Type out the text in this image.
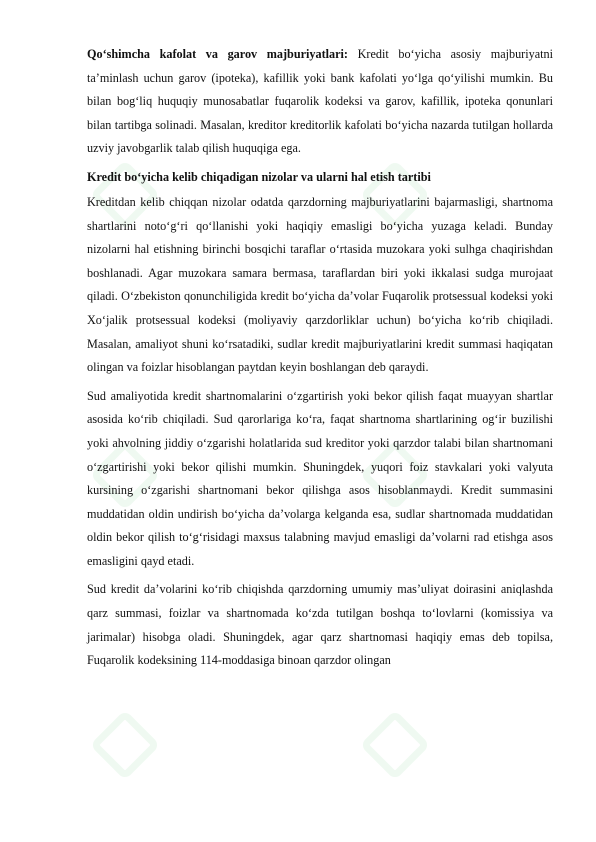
Qo‘shimcha kafolat va garov majburiyatlari: Kredit bo‘yicha asosiy majburiyatni ta’minlash uchun garov (ipoteka), kafillik yoki bank kafolati yo‘lga qo‘yilishi mumkin. Bu bilan bog‘liq huquqiy munosabatlar fuqarolik kodeksi va garov, kafillik, ipoteka qonunlari bilan tartibga solinadi. Masalan, kreditor kreditorlik kafolati bo‘yicha nazarda tutilgan hollarda uzviy javobgarlik talab qilish huquqiga ega.

Kredit bo‘yicha kelib chiqadigan nizolar va ularni hal etish tartibi

Kreditdan kelib chiqqan nizolar odatda qarzdorning majburiyatlarini bajarmasligi, shartnoma shartlarini noto‘g‘ri qo‘llanishi yoki haqiqiy emasligi bo‘yicha yuzaga keladi. Bunday nizolarni hal etishning birinchi bosqichi taraflar o‘rtasida muzokara yoki sulhga chaqirishdan boshlanadi. Agar muzokara samara bermasa, taraflardan biri yoki ikkalasi sudga murojaat qiladi. O‘zbekiston qonunchiligida kredit bo‘yicha da’volar Fuqarolik protsessual kodeksi yoki Xo‘jalik protsessual kodeksi (moliyaviy qarzdorliklar uchun) bo‘yicha ko‘rib chiqiladi. Masalan, amaliyot shuni ko‘rsatadiki, sudlar kredit majburiyatlarini kredit summasi haqiqatan olingan va foizlar hisoblangan paytdan keyin boshlangan deb qaraydi.

Sud amaliyotida kredit shartnomalarini o‘zgartirish yoki bekor qilish faqat muayyan shartlar asosida ko‘rib chiqiladi. Sud qarorlariga ko‘ra, faqat shartnoma shartlarining og‘ir buzilishi yoki ahvolning jiddiy o‘zgarishi holatlarida sud kreditor yoki qarzdor talabi bilan shartnomani o‘zgartirishi yoki bekor qilishi mumkin. Shuningdek, yuqori foiz stavkalari yoki valyuta kursining o‘zgarishi shartnomani bekor qilishga asos hisoblanmaydi. Kredit summasini muddatidan oldin undirish bo‘yicha da’volarga kelganda esa, sudlar shartnomada muddatidan oldin bekor qilish to‘g‘risidagi maxsus talabning mavjud emasligi da’volarni rad etishga asos emasligini qayd etadi.

Sud kredit da’volarini ko‘rib chiqishda qarzdorning umumiy mas’uliyat doirasini aniqlashda qarz summasi, foizlar va shartnomada ko‘zda tutilgan boshqa to‘lovlarni (komissiya va jarimalar) hisobga oladi. Shuningdek, agar qarz shartnomasi haqiqiy emas deb topilsa, Fuqarolik kodeksining 114-moddasiga binoan qarzdor olingan
